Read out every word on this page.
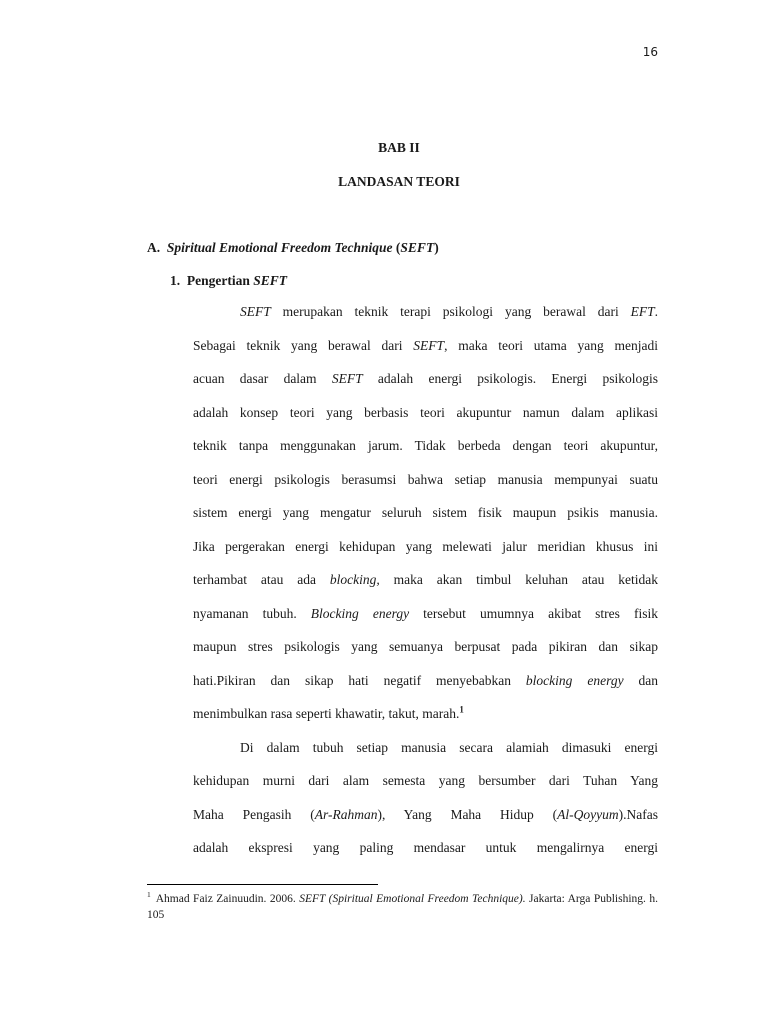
16
BAB II
LANDASAN TEORI
A. Spiritual Emotional Freedom Technique (SEFT)
1. Pengertian SEFT
SEFT merupakan teknik terapi psikologi yang berawal dari EFT.
Sebagai teknik yang berawal dari SEFT, maka teori utama yang menjadi
acuan dasar dalam SEFT adalah energi psikologis. Energi psikologis
adalah konsep teori yang berbasis teori akupuntur namun dalam aplikasi
teknik tanpa menggunakan jarum. Tidak berbeda dengan teori akupuntur,
teori energi psikologis berasumsi bahwa setiap manusia mempunyai suatu
sistem energi yang mengatur seluruh sistem fisik maupun psikis manusia.
Jika pergerakan energi kehidupan yang melewati jalur meridian khusus ini
terhambat atau ada blocking, maka akan timbul keluhan atau ketidak
nyamanan tubuh. Blocking energy tersebut umumnya akibat stres fisik
maupun stres psikologis yang semuanya berpusat pada pikiran dan sikap
hati.Pikiran dan sikap hati negatif menyebabkan blocking energy dan
menimbulkan rasa seperti khawatir, takut, marah.$^1$
Di dalam tubuh setiap manusia secara alamiah dimasuki energi
kehidupan murni dari alam semesta yang bersumber dari Tuhan Yang
Maha Pengasih (Ar-Rahman), Yang Maha Hidup (Al-Qoyyum).Nafas
adalah ekspresi yang paling mendasar untuk mengalirnya energi
$^1$ Ahmad Faiz Zainuudin. 2006. SEFT (Spiritual Emotional Freedom Technique). Jakarta: Arga Publishing. h. 105
